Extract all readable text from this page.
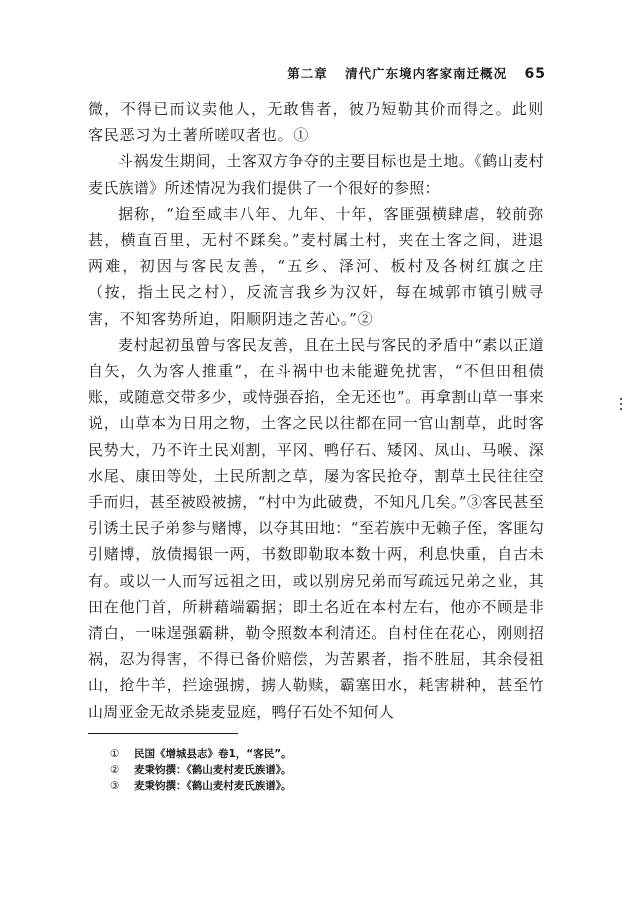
第二章 清代广东境内客家南迁概况 65

微，不得已而议卖他人，无敢售者，彼乃短勒其价而得之。此则客民恶习为土著所嗟叹者也。①

斗祸发生期间，土客双方争夺的主要目标也是土地。《鹤山麦村麦氏族谱》所述情况为我们提供了一个很好的参照：

据称，“迨至咸丰八年、九年、十年，客匪强横肆虐，较前弥甚，横直百里，无村不蹂矣。”麦村属土村，夹在土客之间，进退两难，初因与客民友善，“五乡、泽河、板村及各树红旗之庄（按，指土民之村），反流言我乡为汉奸，每在城郭市镇引贼寻害，不知客势所迫，阳顺阴违之苦心。”②

麦村起初虽曾与客民友善，且在土民与客民的矛盾中“素以正道自矢，久为客人推重”，在斗祸中也未能避免扰害，“不但田租债账，或随意交带多少，或恃强吞掐，全无还也”。再拿割山草一事来说，山草本为日用之物，土客之民以往都在同一官山割草，此时客民势大，乃不许土民刈割，平冈、鸭仔石、矮冈、凤山、马喉、深水尾、康田等处，土民所割之草，屡为客民抢夺，割草土民往往空手而归，甚至被殴被掳，“村中为此破费，不知凡几矣。”③客民甚至引诱土民子弟参与赌博，以夺其田地：“至若族中无赖子侄，客匪勾引赌博，放债揭银一两，书数即勒取本数十两，利息快重，自古未有。或以一人而写远祖之田，或以别房兄弟而写疏远兄弟之业，其田在他门首，所耕藉端霸据；即土名近在本村左右，他亦不顾是非清白，一味逞强霸耕，勒令照数本利清还。自村住在花心，刚则招祸，忍为得害，不得已备价赔偿，为苦累者，指不胜屈，其余侵祖山，抢牛羊，拦途强掳，掳人勒赎，霸塞田水，耗害耕种，甚至竹山周亚金无故杀毙麦显庭，鸭仔石处不知何人

①	民国《增城县志》卷1，“客民”。
②	麦秉钧撰：《鹤山麦村麦氏族谱》。
③	麦秉钧撰：《鹤山麦村麦氏族谱》。
